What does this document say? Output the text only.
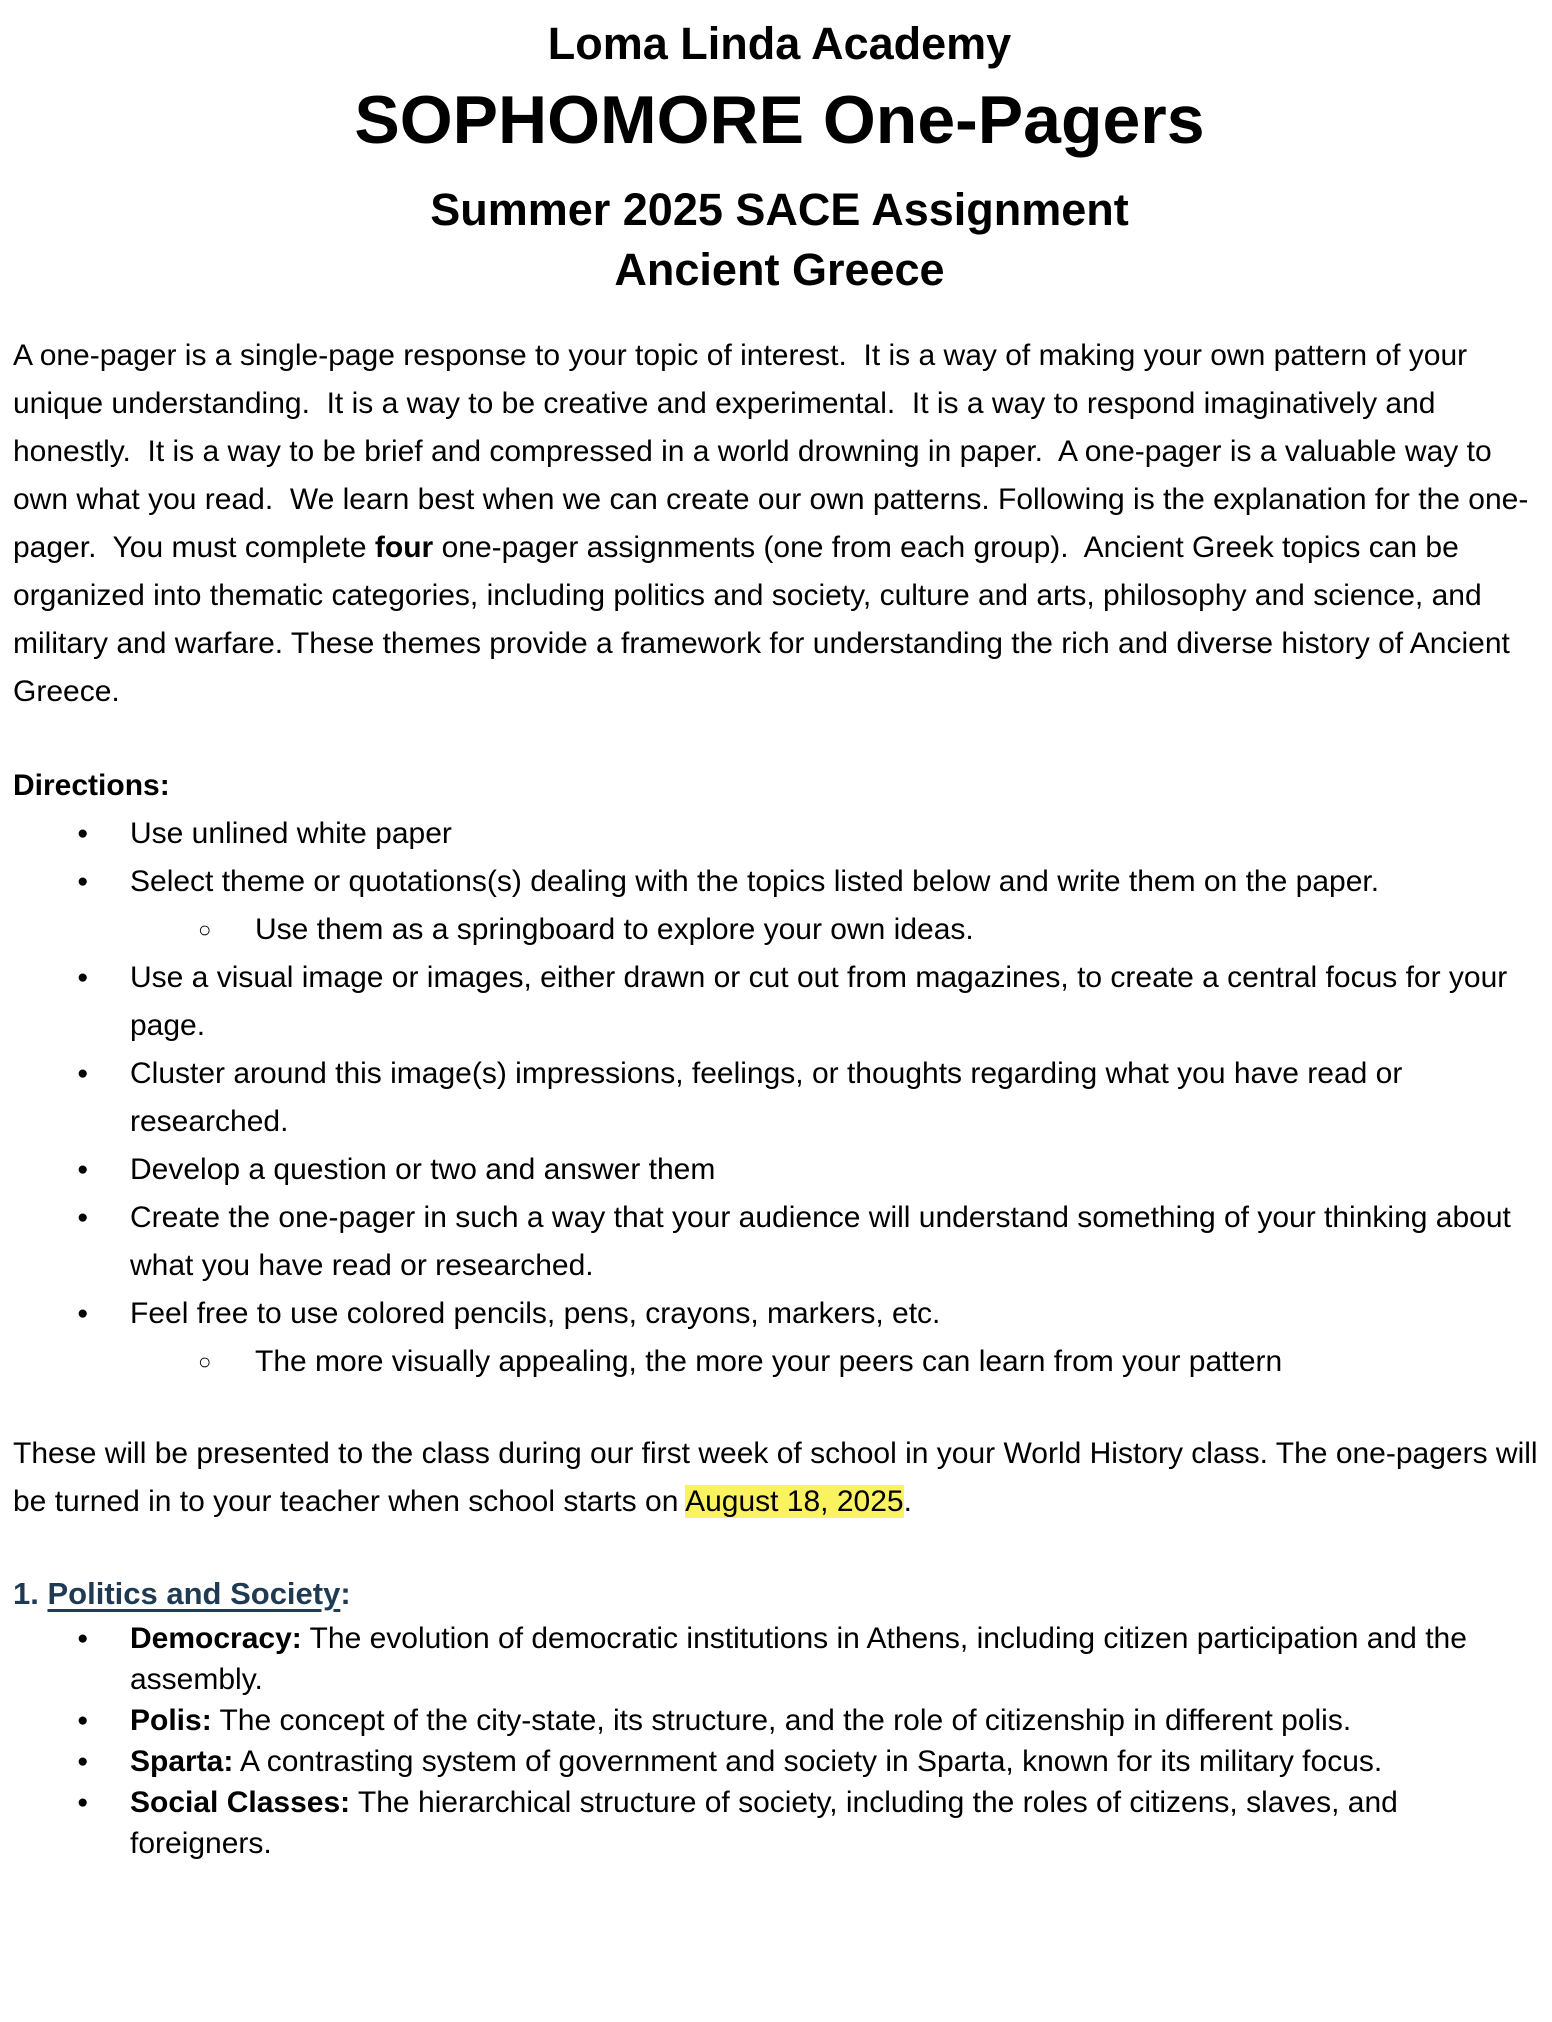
Loma Linda Academy
SOPHOMORE One-Pagers
Summer 2025 SACE Assignment
Ancient Greece

A one-pager is a single-page response to your topic of interest.  It is a way of making your own pattern of your unique understanding.  It is a way to be creative and experimental.  It is a way to respond imaginatively and honestly.  It is a way to be brief and compressed in a world drowning in paper.  A one-pager is a valuable way to own what you read.  We learn best when we can create our own patterns. Following is the explanation for the one-pager.  You must complete four one-pager assignments (one from each group).  Ancient Greek topics can be organized into thematic categories, including politics and society, culture and arts, philosophy and science, and military and warfare. These themes provide a framework for understanding the rich and diverse history of Ancient Greece.

Directions:
● Use unlined white paper
● Select theme or quotations(s) dealing with the topics listed below and write them on the paper.
○ Use them as a springboard to explore your own ideas.
● Use a visual image or images, either drawn or cut out from magazines, to create a central focus for your page.
● Cluster around this image(s) impressions, feelings, or thoughts regarding what you have read or researched.
● Develop a question or two and answer them
● Create the one-pager in such a way that your audience will understand something of your thinking about what you have read or researched.
● Feel free to use colored pencils, pens, crayons, markers, etc.
○ The more visually appealing, the more your peers can learn from your pattern

These will be presented to the class during our first week of school in your World History class. The one-pagers will be turned in to your teacher when school starts on August 18, 2025.

1. Politics and Society:
● Democracy: The evolution of democratic institutions in Athens, including citizen participation and the assembly.
● Polis: The concept of the city-state, its structure, and the role of citizenship in different polis.
● Sparta: A contrasting system of government and society in Sparta, known for its military focus.
● Social Classes: The hierarchical structure of society, including the roles of citizens, slaves, and foreigners.
